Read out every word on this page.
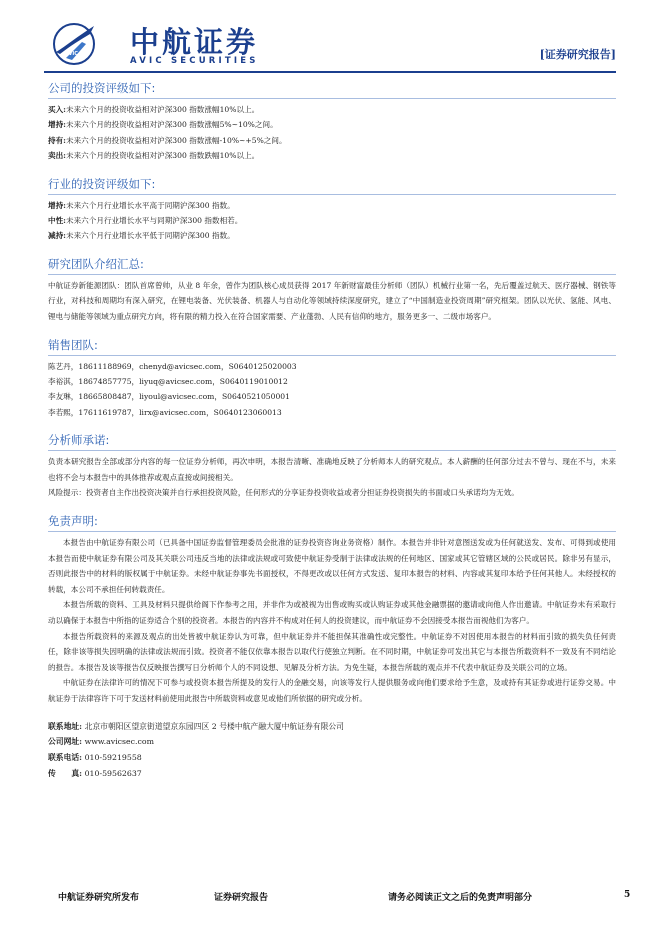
AVIC 中航证券
AVIC SECURITIES	[证券研究报告]
公司的投资评级如下:
买入:未来六个月的投资收益相对沪深300 指数涨幅10%以上。
增持:未来六个月的投资收益相对沪深300 指数涨幅5%~10%之间。
持有:未来六个月的投资收益相对沪深300 指数涨幅-10%~+5%之间。
卖出:未来六个月的投资收益相对沪深300 指数跌幅10%以上。
行业的投资评级如下:
增持:未来六个月行业增长水平高于同期沪深300 指数。
中性:未来六个月行业增长水平与同期沪深300 指数相若。
减持:未来六个月行业增长水平低于同期沪深300 指数。
研究团队介绍汇总:
中航证券新能源团队：团队首席曾帅，从业 8 年余，曾作为团队核心成员获得 2017 年新财富最佳分析师（团队）机械行业第一名，先后覆盖过航天、医疗器械、钢铁等行业，对科技和周期均有深入研究，在锂电装备、光伏装备、机器人与自动化等领域持续深度研究，建立了“中国制造业投资周期”研究框架。团队以光伏、氢能、风电、锂电与储能等领域为重点研究方向，将有限的精力投入在符合国家需要、产业蓬勃、人民有信仰的地方，服务更多一、二级市场客户。
销售团队:
陈艺丹，18611188969，chenyd@avicsec.com，S0640125020003
李裕淇，18674857775，liyuq@avicsec.com，S0640119010012
李友琳，18665808487，liyoul@avicsec.com，S0640521050001
李若熙，17611619787，lirx@avicsec.com，S0640123060013
分析师承诺:
负责本研究报告全部或部分内容的每一位证券分析师，再次申明，本报告清晰、准确地反映了分析师本人的研究观点。本人薪酬的任何部分过去不曾与、现在不与，未来也将不会与本报告中的具体推荐或观点直接或间接相关。
风险提示：投资者自主作出投资决策并自行承担投资风险，任何形式的分享证券投资收益或者分担证券投资损失的书面或口头承诺均为无效。
免责声明:
本报告由中航证券有限公司（已具备中国证券监督管理委员会批准的证券投资咨询业务资格）制作。本报告并非针对意图送发或为任何就送发、发布、可得到或使用本报告而使中航证券有限公司及其关联公司违反当地的法律或法规或可致使中航证券受制于法律或法规的任何地区、国家或其它管辖区域的公民或居民。除非另有显示，否则此报告中的材料的版权属于中航证券。未经中航证券事先书面授权，不得更改或以任何方式发送、复印本报告的材料、内容或其复印本给予任何其他人。未经授权的转载，本公司不承担任何转载责任。
本报告所载的资料、工具及材料只提供给阁下作参考之用，并非作为或被视为出售或购买或认购证券或其他金融票据的邀请或向他人作出邀请。中航证券未有采取行动以确保于本报告中所指的证券适合个别的投资者。本报告的内容并不构成对任何人的投资建议，而中航证券不会因接受本报告而视他们为客户。
本报告所载资料的来源及观点的出处皆被中航证券认为可靠，但中航证券并不能担保其准确性或完整性。中航证券不对因使用本报告的材料而引致的损失负任何责任，除非该等损失因明确的法律或法规而引致。投资者不能仅依靠本报告以取代行使独立判断。在不同时期，中航证券可发出其它与本报告所载资料不一致及有不同结论的报告。本报告及该等报告仅反映报告撰写日分析师个人的不同设想、见解及分析方法。为免生疑，本报告所载的观点并不代表中航证券及关联公司的立场。
中航证券在法律许可的情况下可参与或投资本报告所提及的发行人的金融交易，向该等发行人提供服务或向他们要求给予生意，及或持有其证券或进行证券交易。中航证券于法律容许下可于发送材料前使用此报告中所载资料或意见或他们所依据的研究或分析。
联系地址: 北京市朝阳区望京街道望京东园四区 2 号楼中航产融大厦中航证券有限公司
公司网址: www.avicsec.com
联系电话: 010-59219558
传　　真: 010-59562637
中航证券研究所发布	证券研究报告	请务必阅读正文之后的免责声明部分	5
